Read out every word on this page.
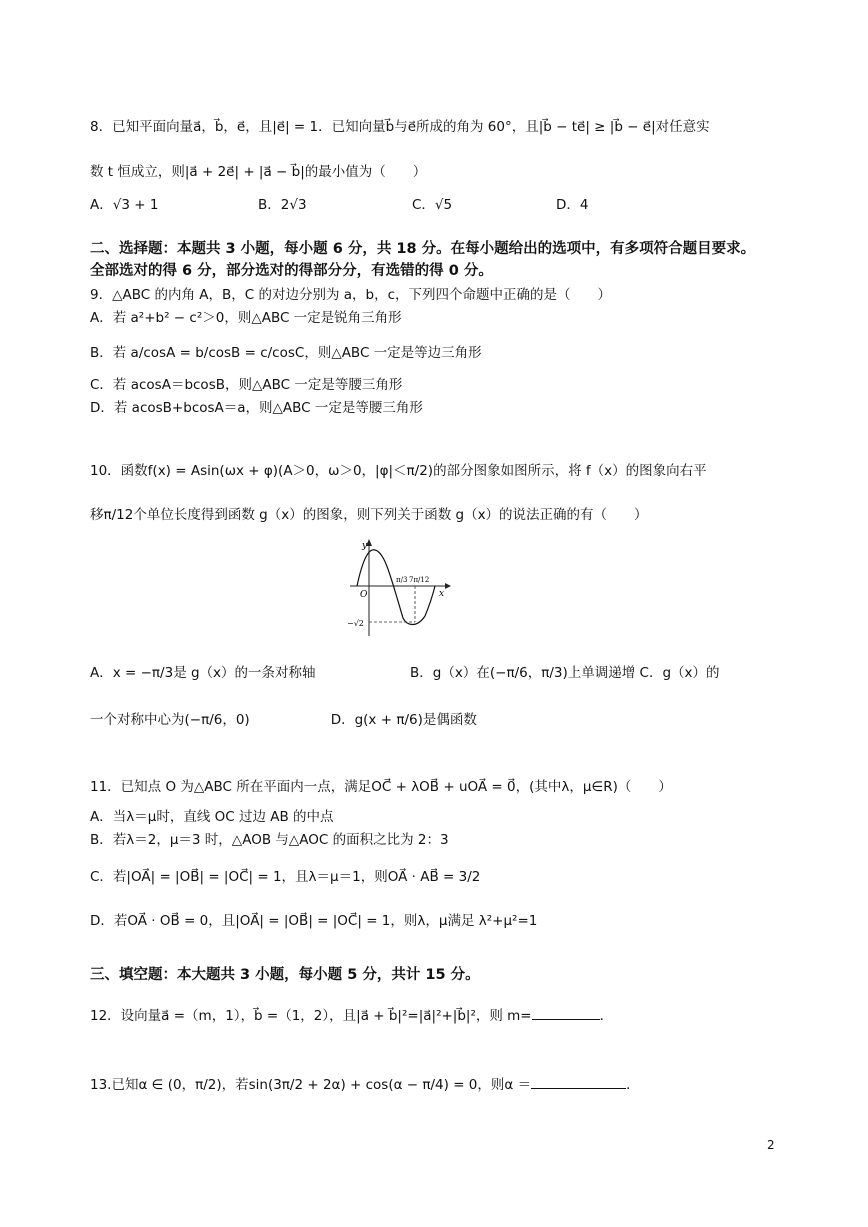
8．已知平面向量a⃗，b⃗，e⃗，且|e⃗| = 1．已知向量b⃗与e⃗所成的角为 60°，且|b⃗ − te⃗| ≥ |b⃗ − e⃗|对任意实
数 t 恒成立，则|a⃗ + 2e⃗| + |a⃗ − b⃗|的最小值为（　　）
A．√3 + 1	B．2√3	C．√5	D．4
二、选择题：本题共 3 小题，每小题 6 分，共 18 分。在每小题给出的选项中，有多项符合题目要求。
全部选对的得 6 分，部分选对的得部分分，有选错的得 0 分。
9．△ABC 的内角 A，B，C 的对边分别为 a，b，c，下列四个命题中正确的是（　　）
A．若 a²+b² − c²＞0，则△ABC 一定是锐角三角形
B．若 a/cosA = b/cosB = c/cosC，则△ABC 一定是等边三角形
C．若 acosA＝bcosB，则△ABC 一定是等腰三角形
D．若 acosB+bcosA＝a，则△ABC 一定是等腰三角形
10．函数f(x) = Asin(ωx + φ)(A＞0，ω＞0，|φ|＜π/2)的部分图象如图所示，将 f（x）的图象向右平
移π/12个单位长度得到函数 g（x）的图象，则下列关于函数 g（x）的说法正确的有（　　）
y
x
O
π/3 7π/12
−√2
A．x = −π/3是 g（x）的一条对称轴　　　　　　　B．g（x）在(−π/6，π/3)上单调递增 C．g（x）的
一个对称中心为(−π/6，0)　　　　　　D．g(x + π/6)是偶函数
11．已知点 O 为△ABC 所在平面内一点，满足OC⃗ + λOB⃗ + uOA⃗ = 0⃗，(其中λ，μ∈R)（　　）
A．当λ＝μ时，直线 OC 过边 AB 的中点
B．若λ＝2，μ＝3 时，△AOB 与△AOC 的面积之比为 2：3
C．若|OA⃗| = |OB⃗| = |OC⃗| = 1，且λ＝μ＝1，则OA⃗ · AB⃗ = 3/2
D．若OA⃗ · OB⃗ = 0，且|OA⃗| = |OB⃗| = |OC⃗| = 1，则λ，μ满足 λ²+μ²=1
三、填空题：本大题共 3 小题，每小题 5 分，共计 15 分。
12．设向量a⃗ =（m，1），b⃗ =（1，2），且|a⃗ + b⃗|²=|a⃗|²+|b⃗|²，则 m=	．
13.已知α ∈ (0，π/2)，若sin(3π/2 + 2α) + cos(α − π/4) = 0，则α ＝	．
2
